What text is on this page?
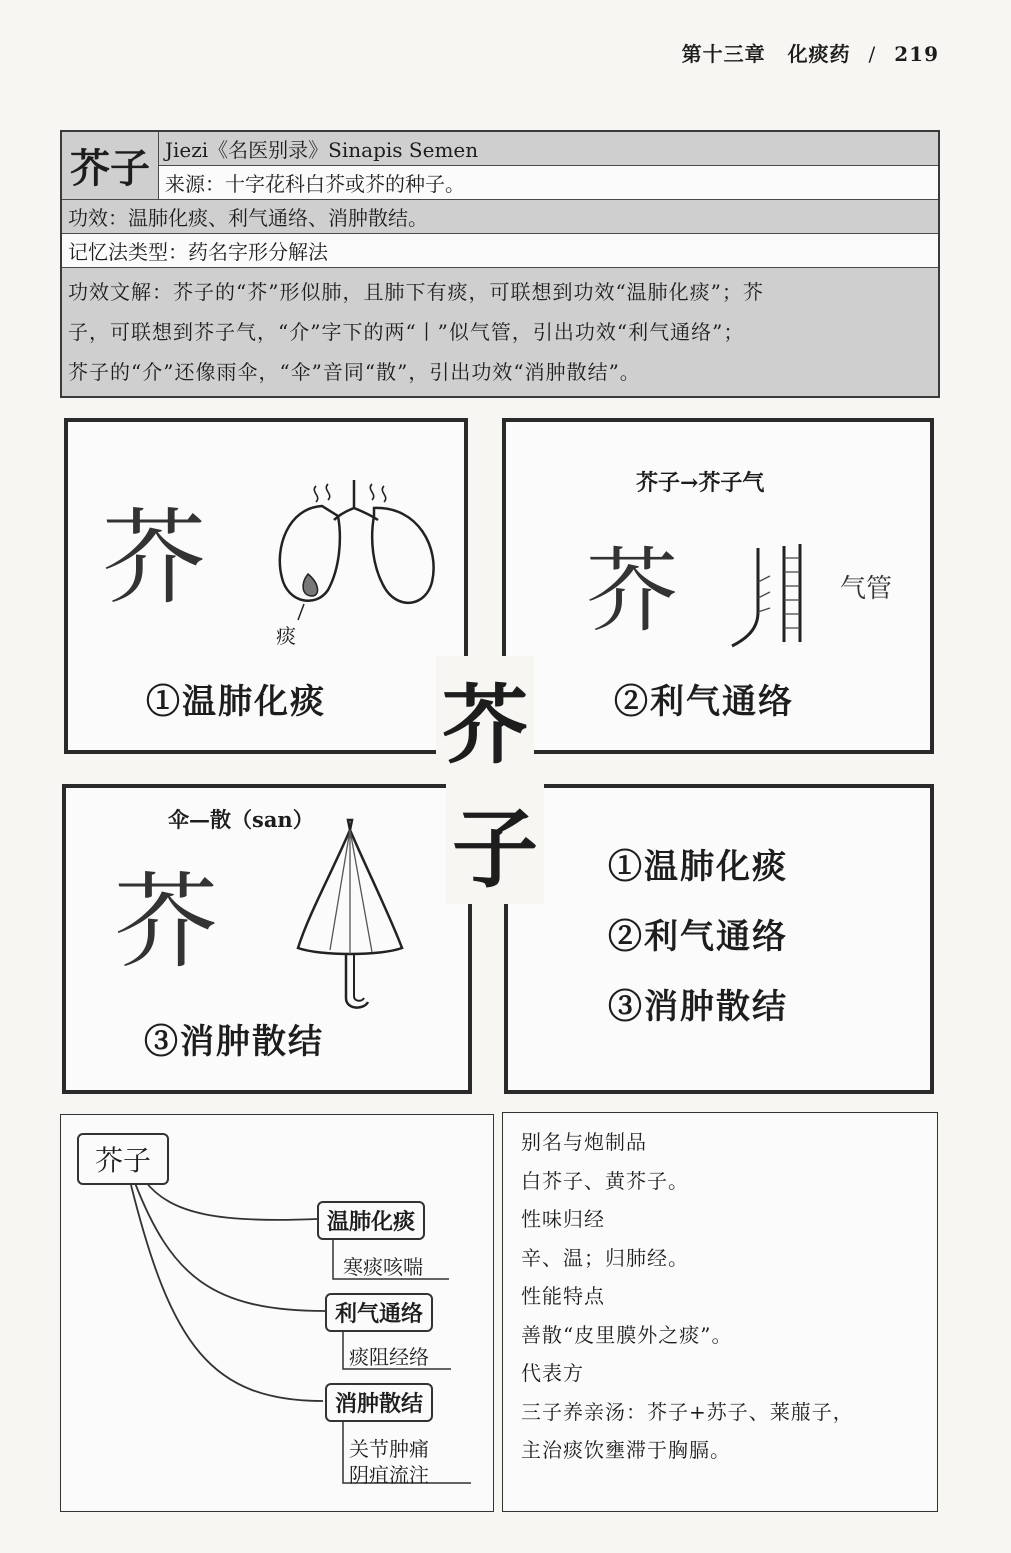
第十三章 化痰药 / 219
芥子 Jiezi《名医别录》Sinapis Semen
来源：十字花科白芥或芥的种子。
功效：温肺化痰、利气通络、消肿散结。
记忆法类型：药名字形分解法
功效文解：芥子的“芥”形似肺，且肺下有痰，可联想到功效“温肺化痰”；芥
子，可联想到芥子气，“介”字下的两“丨”似气管，引出功效“利气通络”；
芥子的“介”还像雨伞，“伞”音同“散”，引出功效“消肿散结”。
芥
痰
①温肺化痰
芥子→芥子气
芥	气管
②利气通络
伞—散（san）
芥
③消肿散结
①温肺化痰
②利气通络
③消肿散结
芥
子
芥子
温肺化痰
寒痰咳喘
利气通络
痰阻经络
消肿散结
关节肿痛
阴疽流注
别名与炮制品
白芥子、黄芥子。
性味归经
辛、温；归肺经。
性能特点
善散“皮里膜外之痰”。
代表方
三子养亲汤：芥子+苏子、莱菔子，
主治痰饮壅滞于胸膈。
